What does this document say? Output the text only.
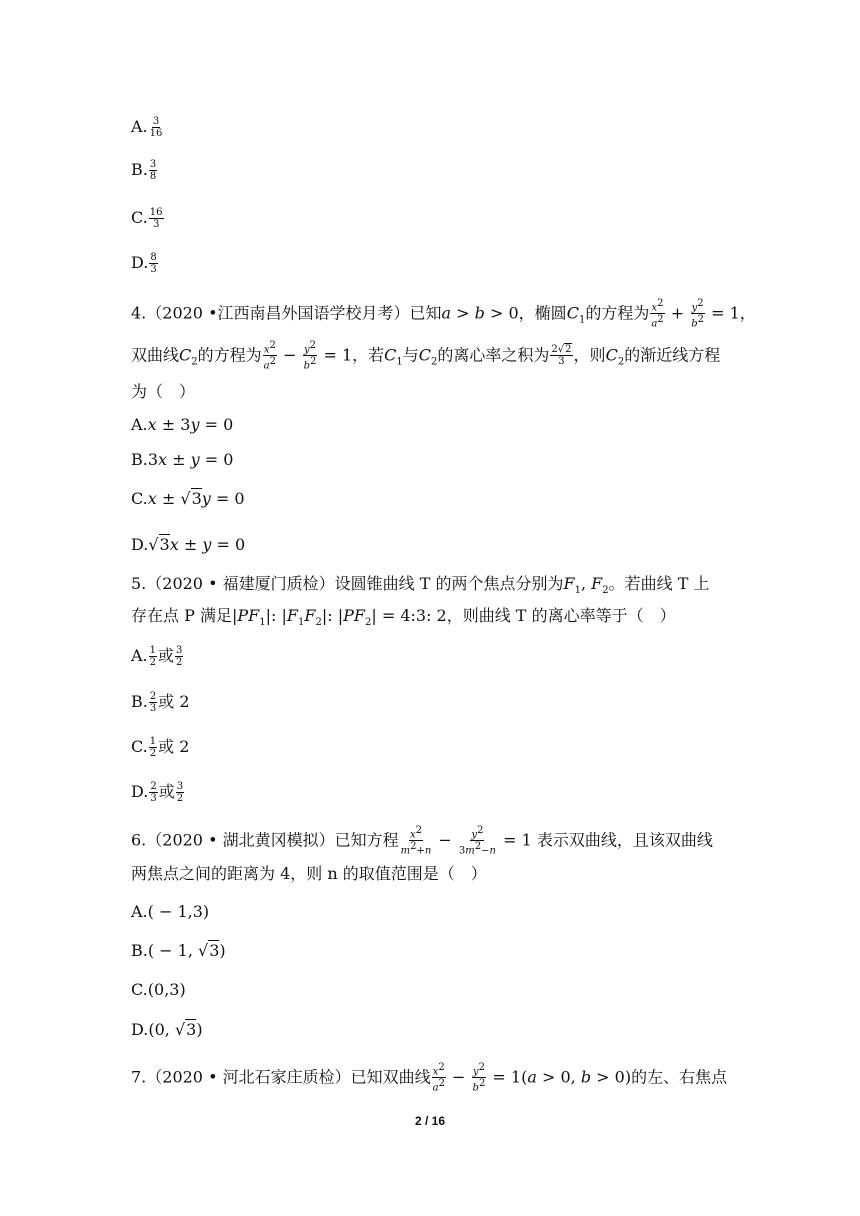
A. $\frac{3}{16}$
B. $\frac{3}{8}$
C. $\frac{16}{3}$
D. $\frac{8}{3}$
4.（2020 •江西南昌外国语学校月考）已知a > b > 0，椭圆$C_1$的方程为 $\frac{x^2}{a^2} + \frac{y^2}{b^2} = 1$，
双曲线$C_2$的方程为 $\frac{x^2}{a^2} - \frac{y^2}{b^2} = 1$，若$C_1$与$C_2$的离心率之积为 $\frac{2√2}{3}$ ，则$C_2$的渐近线方程
为（　）
A.x ± 3y = 0
B.3x ± y = 0
C.x ± √3y = 0
D.√3x ± y = 0
5.（2020 • 福建厦门质检）设圆锥曲线 T 的两个焦点分别为$F_1$, $F_2$。若曲线 T 上
存在点 P 满足$|PF_1|$: $|F_1F_2|$: $|PF_2|$ = 4:3: 2，则曲线 T 的离心率等于（　）
A. $\frac{1}{2}$ 或 $\frac{3}{2}$
B. $\frac{2}{3}$ 或 2
C. $\frac{1}{2}$ 或 2
D. $\frac{2}{3}$ 或 $\frac{3}{2}$
6.（2020 • 湖北黄冈模拟）已知方程 $\frac{x^2}{m^2+n} - \frac{y^2}{3m^2-n} = 1$ 表示双曲线，且该双曲线
两焦点之间的距离为 4，则 n 的取值范围是（　）
A.( − 1,3)
B.( − 1, √3)
C.(0,3)
D.(0, √3)
7.（2020 • 河北石家庄质检）已知双曲线 $\frac{x^2}{a^2} - \frac{y^2}{b^2} = 1(a > 0$, b > 0)的左、右焦点
2 / 16
